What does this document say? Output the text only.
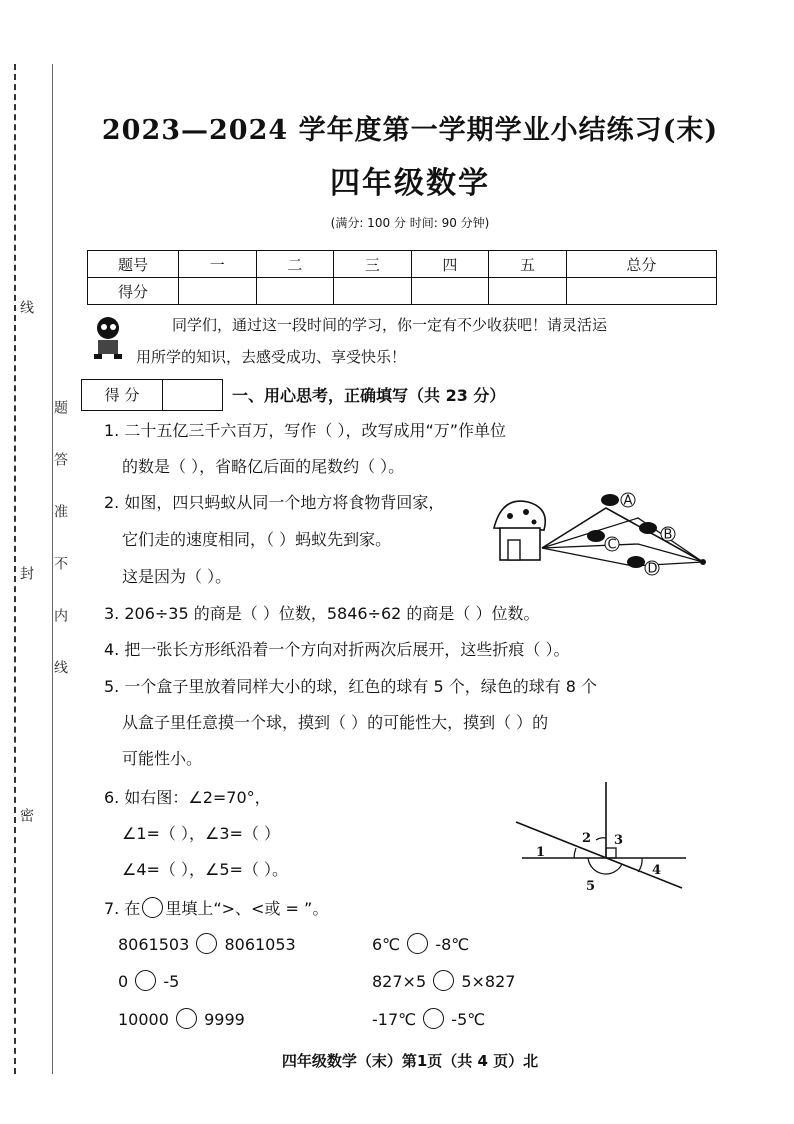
线
题
答
准
不
内
线
封
密
2023—2024 学年度第一学期学业小结练习(末)
四年级数学
(满分: 100 分 时间: 90 分钟)
题号	一	二	三	四	五	总分
得分						
同学们，通过这一段时间的学习，你一定有不少收获吧！请灵活运
用所学的知识，去感受成功、享受快乐！
得 分	一、用心思考，正确填写（共 23 分）
1. 二十五亿三千六百万，写作（ ），改写成用“万”作单位
的数是（ ），省略亿后面的尾数约（ ）。
2. 如图，四只蚂蚁从同一个地方将食物背回家，
它们走的速度相同，（ ）蚂蚁先到家。
这是因为（ ）。
A
B
C
D
3. 206÷35 的商是（ ）位数，5846÷62 的商是（ ）位数。
4. 把一张长方形纸沿着一个方向对折两次后展开，这些折痕（ ）。
5. 一个盒子里放着同样大小的球，红色的球有 5 个，绿色的球有 8 个
从盒子里任意摸一个球，摸到（ ）的可能性大，摸到（ ）的
可能性小。
6. 如右图：∠2=70°，
∠1=（ ），∠3=（ ）
∠4=（ ），∠5=（ ）。
1
2 3
4
5
7. 在 里填上“>、<或 = ”。
8061503 8061053	6℃ -8℃
0 -5	827×5 5×827
10000 9999	-17℃ -5℃
四年级数学（末）第1页（共 4 页）北
